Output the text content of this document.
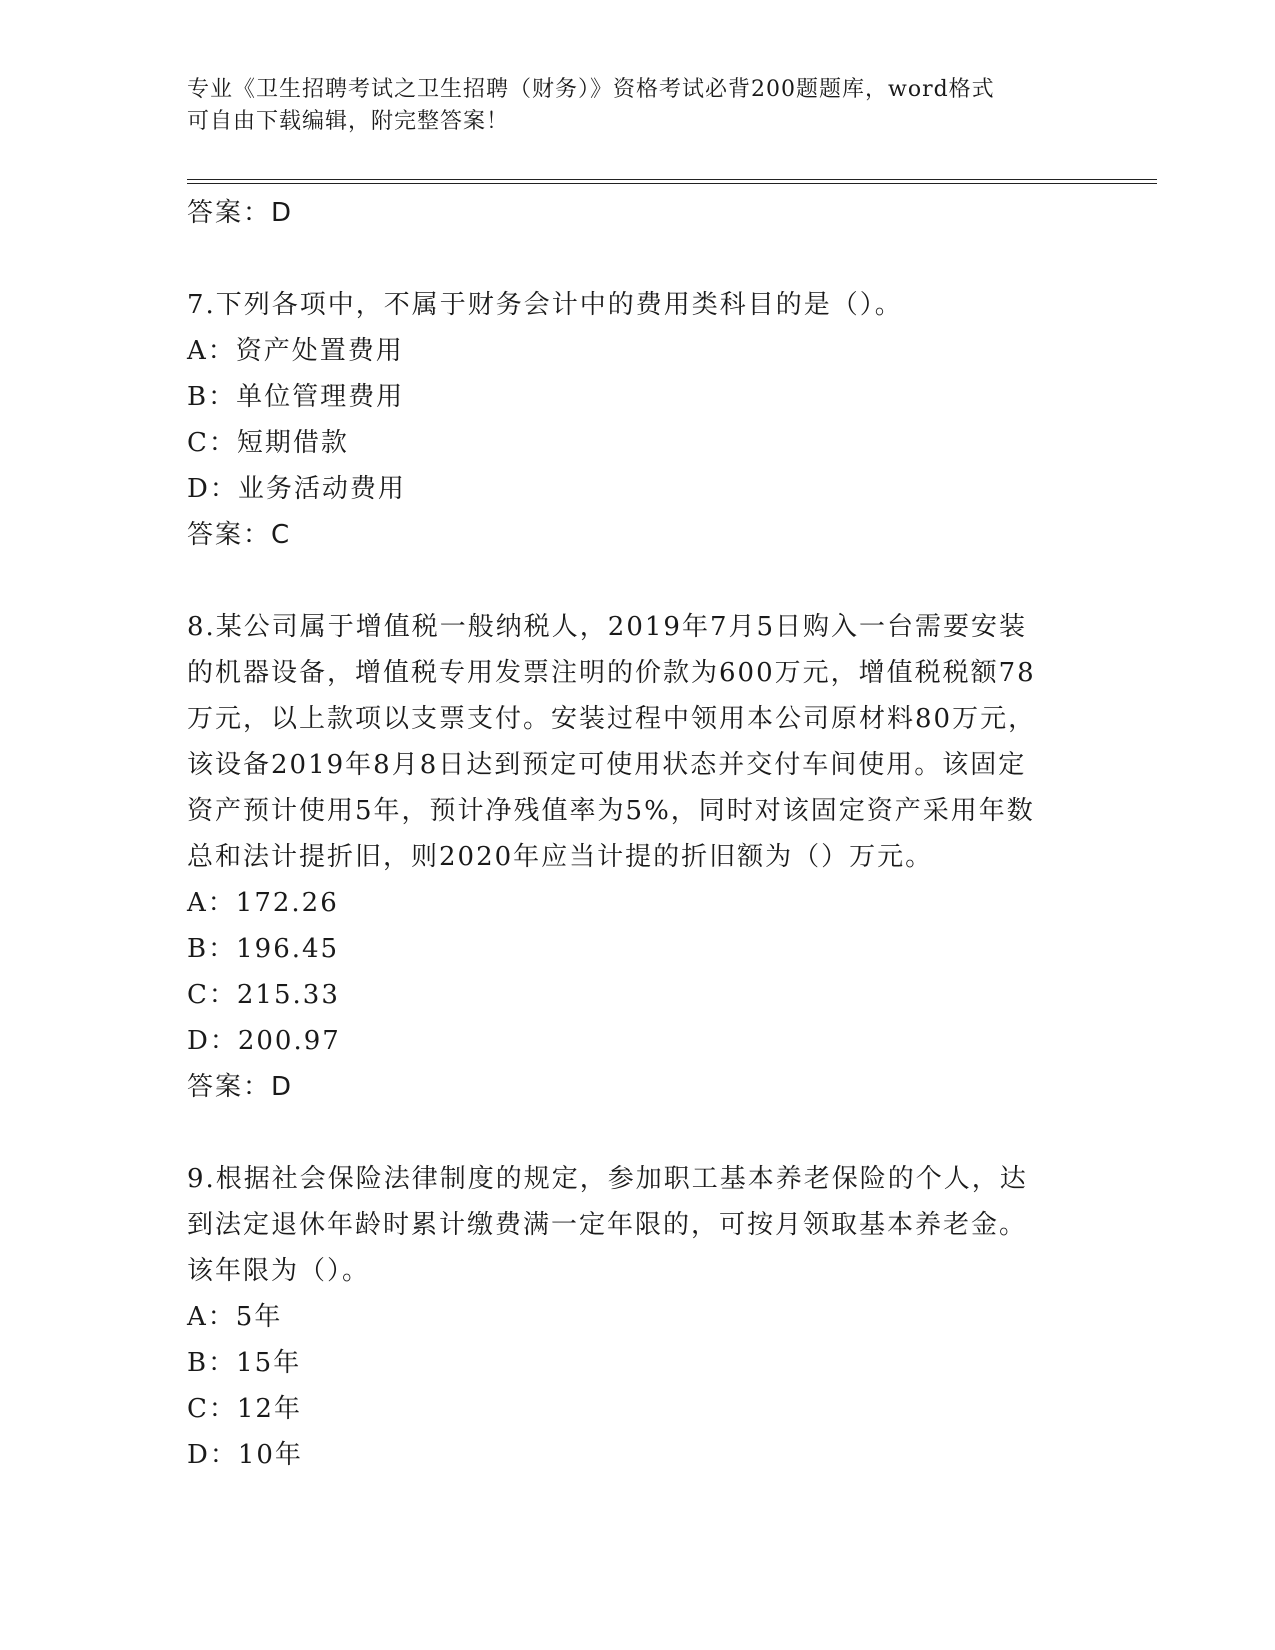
专业《卫生招聘考试之卫生招聘（财务）》资格考试必背200题题库，word格式
可自由下载编辑，附完整答案！
答案：D
7.下列各项中，不属于财务会计中的费用类科目的是（）。
A：资产处置费用
B：单位管理费用
C：短期借款
D：业务活动费用
答案：C
8.某公司属于增值税一般纳税人，2019年7月5日购入一台需要安装
的机器设备，增值税专用发票注明的价款为600万元，增值税税额78
万元，以上款项以支票支付。安装过程中领用本公司原材料80万元，
该设备2019年8月8日达到预定可使用状态并交付车间使用。该固定
资产预计使用5年，预计净残值率为5%，同时对该固定资产采用年数
总和法计提折旧，则2020年应当计提的折旧额为（）万元。
A：172.26
B：196.45
C：215.33
D：200.97
答案：D
9.根据社会保险法律制度的规定，参加职工基本养老保险的个人，达
到法定退休年龄时累计缴费满一定年限的，可按月领取基本养老金。
该年限为（）。
A：5年
B：15年
C：12年
D：10年
